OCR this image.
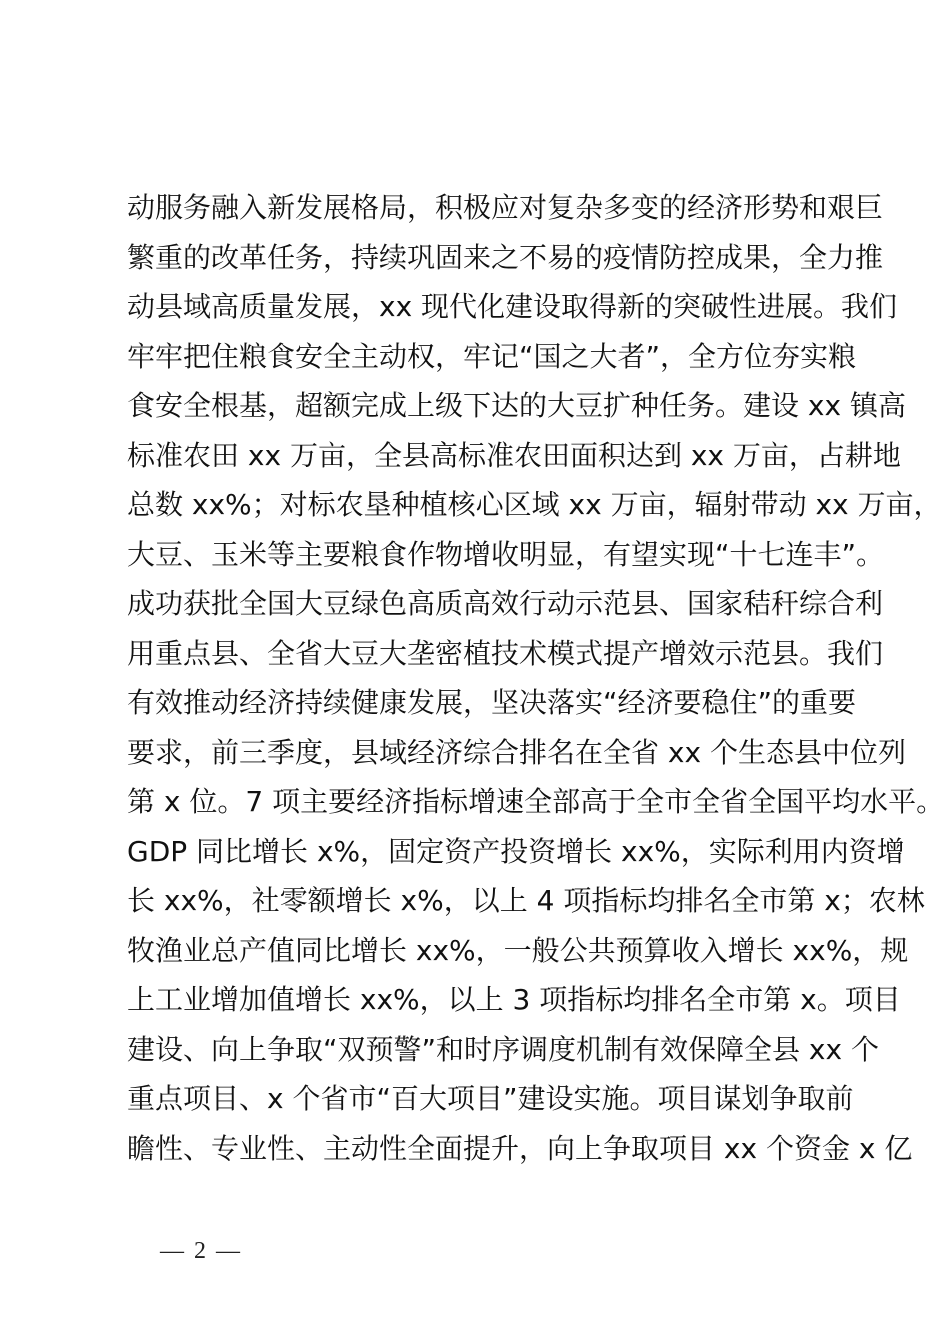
动服务融入新发展格局，积极应对复杂多变的经济形势和艰巨
繁重的改革任务，持续巩固来之不易的疫情防控成果，全力推
动县域高质量发展，xx 现代化建设取得新的突破性进展。我们
牢牢把住粮食安全主动权，牢记“国之大者”，全方位夯实粮
食安全根基，超额完成上级下达的大豆扩种任务。建设 xx 镇高
标准农田 xx 万亩，全县高标准农田面积达到 xx 万亩，占耕地
总数 xx%；对标农垦种植核心区域 xx 万亩，辐射带动 xx 万亩，
大豆、玉米等主要粮食作物增收明显，有望实现“十七连丰”。
成功获批全国大豆绿色高质高效行动示范县、国家秸秆综合利
用重点县、全省大豆大垄密植技术模式提产增效示范县。我们
有效推动经济持续健康发展，坚决落实“经济要稳住”的重要
要求，前三季度，县域经济综合排名在全省 xx 个生态县中位列
第 x 位。7 项主要经济指标增速全部高于全市全省全国平均水平。
GDP 同比增长 x%，固定资产投资增长 xx%，实际利用内资增
长 xx%，社零额增长 x%，以上 4 项指标均排名全市第 x；农林
牧渔业总产值同比增长 xx%，一般公共预算收入增长 xx%，规
上工业增加值增长 xx%，以上 3 项指标均排名全市第 x。项目
建设、向上争取“双预警”和时序调度机制有效保障全县 xx 个
重点项目、x 个省市“百大项目”建设实施。项目谋划争取前
瞻性、专业性、主动性全面提升，向上争取项目 xx 个资金 x 亿
— 2 —
